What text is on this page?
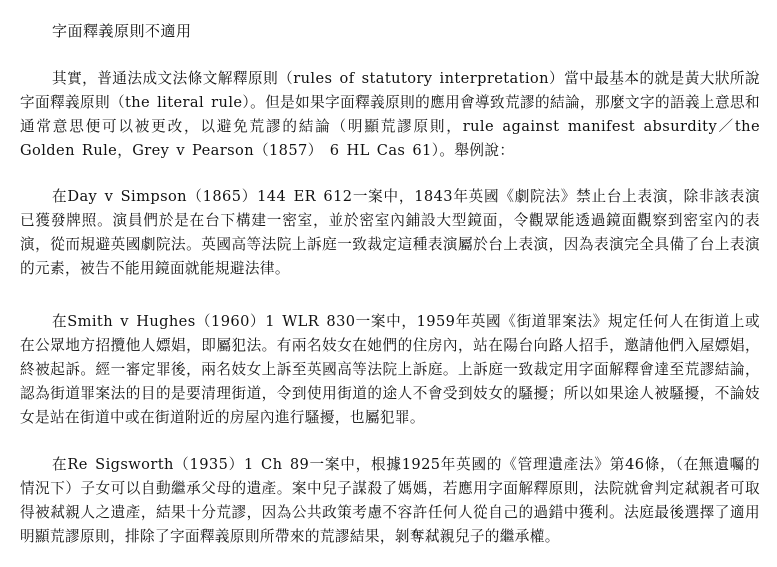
字面釋義原則不適用

其實，普通法成文法條文解釋原則（rules of statutory interpretation）當中最基本的就是黃大狀所說字面釋義原則（the literal rule）。但是如果字面釋義原則的應用會導致荒謬的結論，那麼文字的語義上意思和通常意思便可以被更改，以避免荒謬的結論（明顯荒謬原則，rule against manifest absurdity／the Golden Rule，Grey v Pearson（1857） 6 HL Cas 61）。舉例說：

在Day v Simpson（1865）144 ER 612一案中，1843年英國《劇院法》禁止台上表演，除非該表演已獲發牌照。演員們於是在台下構建一密室，並於密室內鋪設大型鏡面，令觀眾能透過鏡面觀察到密室內的表演，從而規避英國劇院法。英國高等法院上訴庭一致裁定這種表演屬於台上表演，因為表演完全具備了台上表演的元素，被告不能用鏡面就能規避法律。

在Smith v Hughes（1960）1 WLR 830一案中，1959年英國《街道罪案法》規定任何人在街道上或在公眾地方招攬他人嫖娼，即屬犯法。有兩名妓女在她們的住房內，站在陽台向路人招手，邀請他們入屋嫖娼，終被起訴。經一審定罪後，兩名妓女上訴至英國高等法院上訴庭。上訴庭一致裁定用字面解釋會達至荒謬結論，認為街道罪案法的目的是要清理街道，令到使用街道的途人不會受到妓女的騷擾；所以如果途人被騷擾，不論妓女是站在街道中或在街道附近的房屋內進行騷擾，也屬犯罪。

在Re Sigsworth（1935）1 Ch 89一案中，根據1925年英國的《管理遺產法》第46條，（在無遺囑的情況下）子女可以自動繼承父母的遺產。案中兒子謀殺了媽媽，若應用字面解釋原則，法院就會判定弒親者可取得被弒親人之遺產，結果十分荒謬，因為公共政策考慮不容許任何人從自己的過錯中獲利。法庭最後選擇了適用明顯荒謬原則，排除了字面釋義原則所帶來的荒謬結果，剝奪弒親兒子的繼承權。
